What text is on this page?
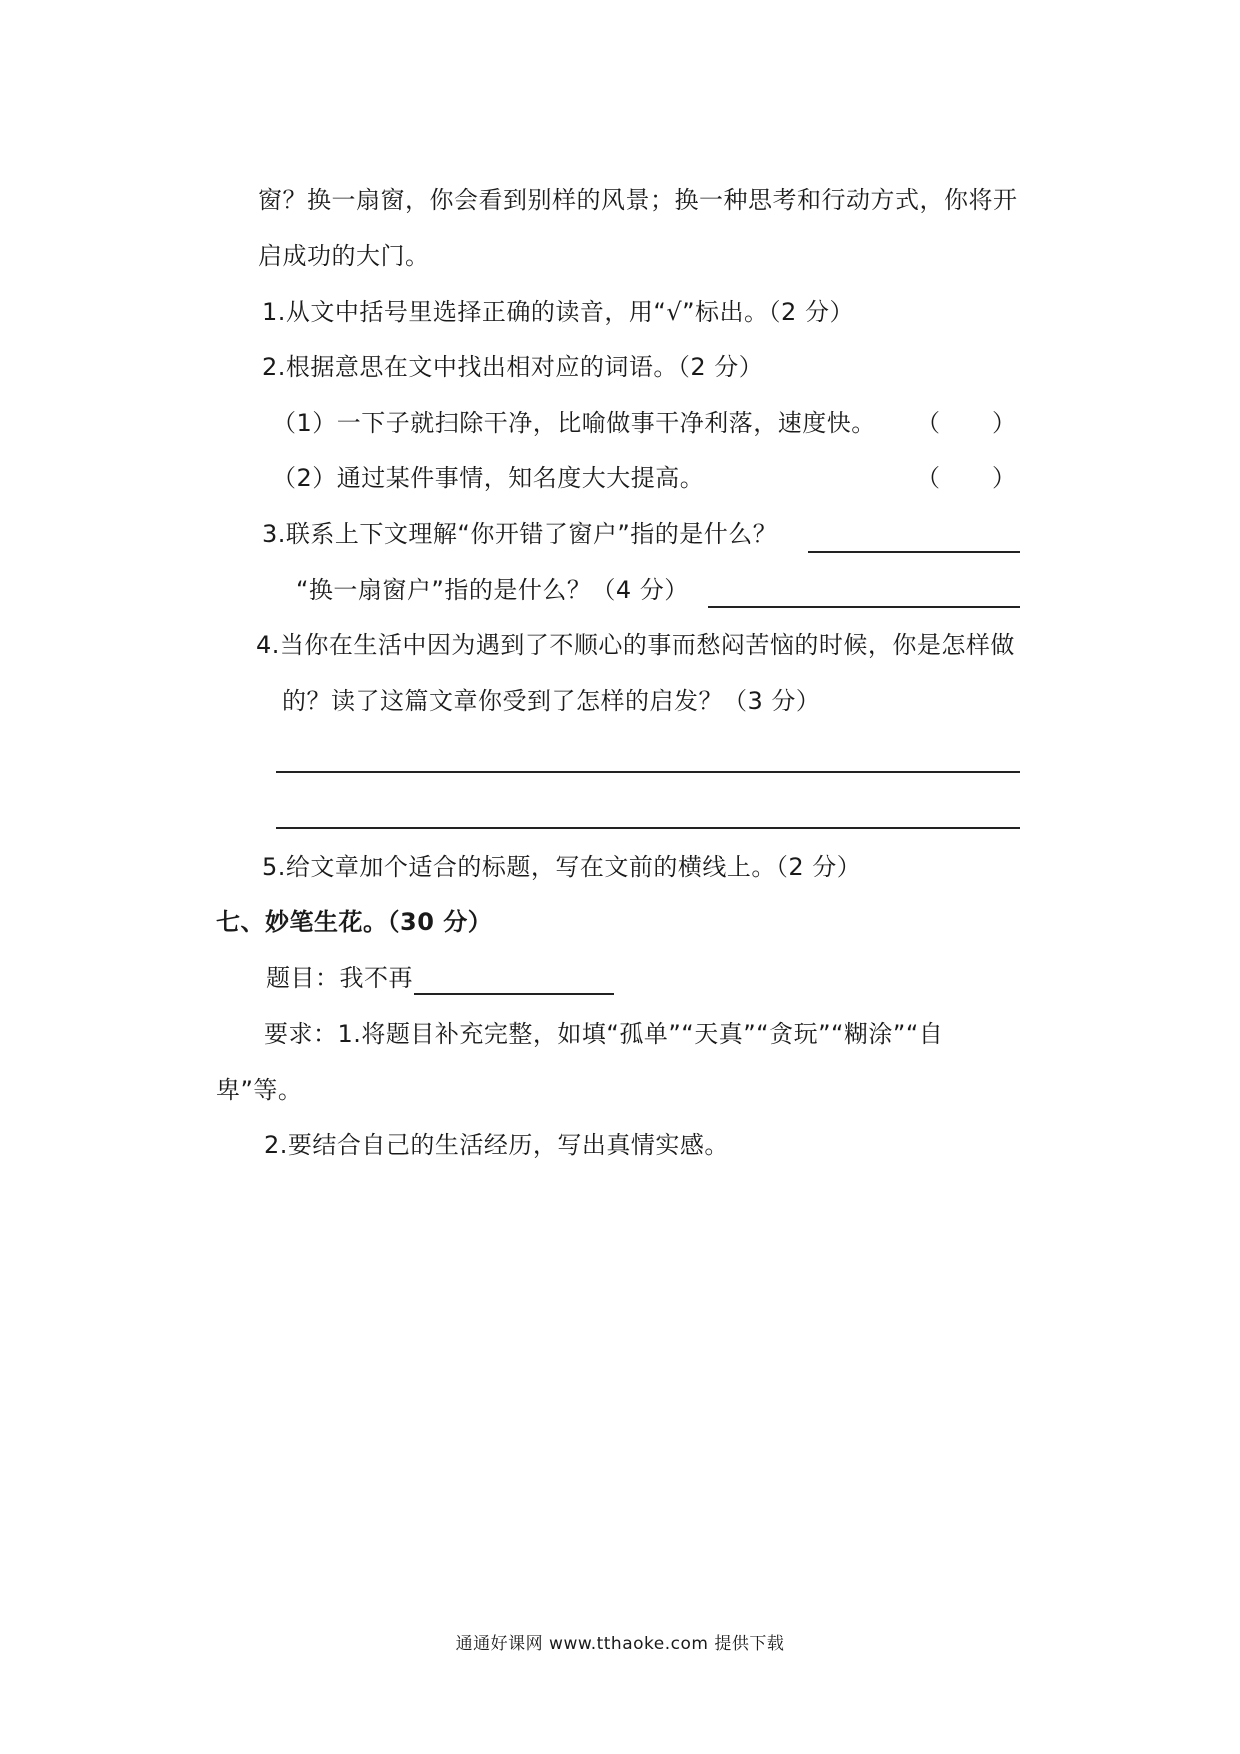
窗？换一扇窗，你会看到别样的风景；换一种思考和行动方式，你将开
启成功的大门。
1.从文中括号里选择正确的读音，用“√”标出。（2 分）
2.根据意思在文中找出相对应的词语。（2 分）
（1）一下子就扫除干净，比喻做事干净利落，速度快。 （ ）
（2）通过某件事情，知名度大大提高。	（ ）
3.联系上下文理解“你开错了窗户”指的是什么？
“换一扇窗户”指的是什么？（4 分）
4.当你在生活中因为遇到了不顺心的事而愁闷苦恼的时候，你是怎样做
的？读了这篇文章你受到了怎样的启发？（3 分）
5.给文章加个适合的标题，写在文前的横线上。（2 分）
七、妙笔生花。（30 分）
题目：我不再
要求：1.将题目补充完整，如填“孤单”“天真”“贪玩”“糊涂”“自
卑”等。
2.要结合自己的生活经历，写出真情实感。
通通好课网 www.tthaoke.com 提供下载
